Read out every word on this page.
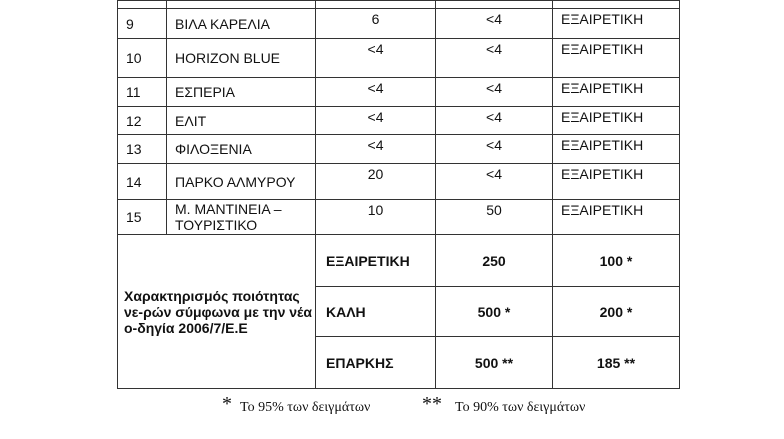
9	ΒΙΛΑ ΚΑΡΕΛΙΑ	6	<4	ΕΞΑΙΡΕΤΙΚΗ	
10	HORIZON BLUE	<4	<4	ΕΞΑΙΡΕΤΙΚΗ	
11	ΕΣΠΕΡΙΑ	<4	<4	ΕΞΑΙΡΕΤΙΚΗ	
12	ΕΛΙΤ	<4	<4	ΕΞΑΙΡΕΤΙΚΗ	
13	ΦΙΛΟΞΕΝΙΑ	<4	<4	ΕΞΑΙΡΕΤΙΚΗ	
14	ΠΑΡΚΟ ΑΛΜΥΡΟΥ	20	<4	ΕΞΑΙΡΕΤΙΚΗ	
15	Μ. ΜΑΝΤΙΝΕΙΑ – ΤΟΥΡΙΣΤΙΚΟ	10	50	ΕΞΑΙΡΕΤΙΚΗ	
Χαρακτηρισμός ποιότητας νε-ρών σύμφωνα με την νέα ο-δηγία 2006/7/Ε.Ε		ΕΞΑΙΡΕΤΙΚΗ	250	100 *	
		ΚΑΛΗ	500 *	200 *	
		ΕΠΑΡΚΗΣ	500 **	185 **	
* Το 95% των δειγμάτων	** Το 90% των δειγμάτων
